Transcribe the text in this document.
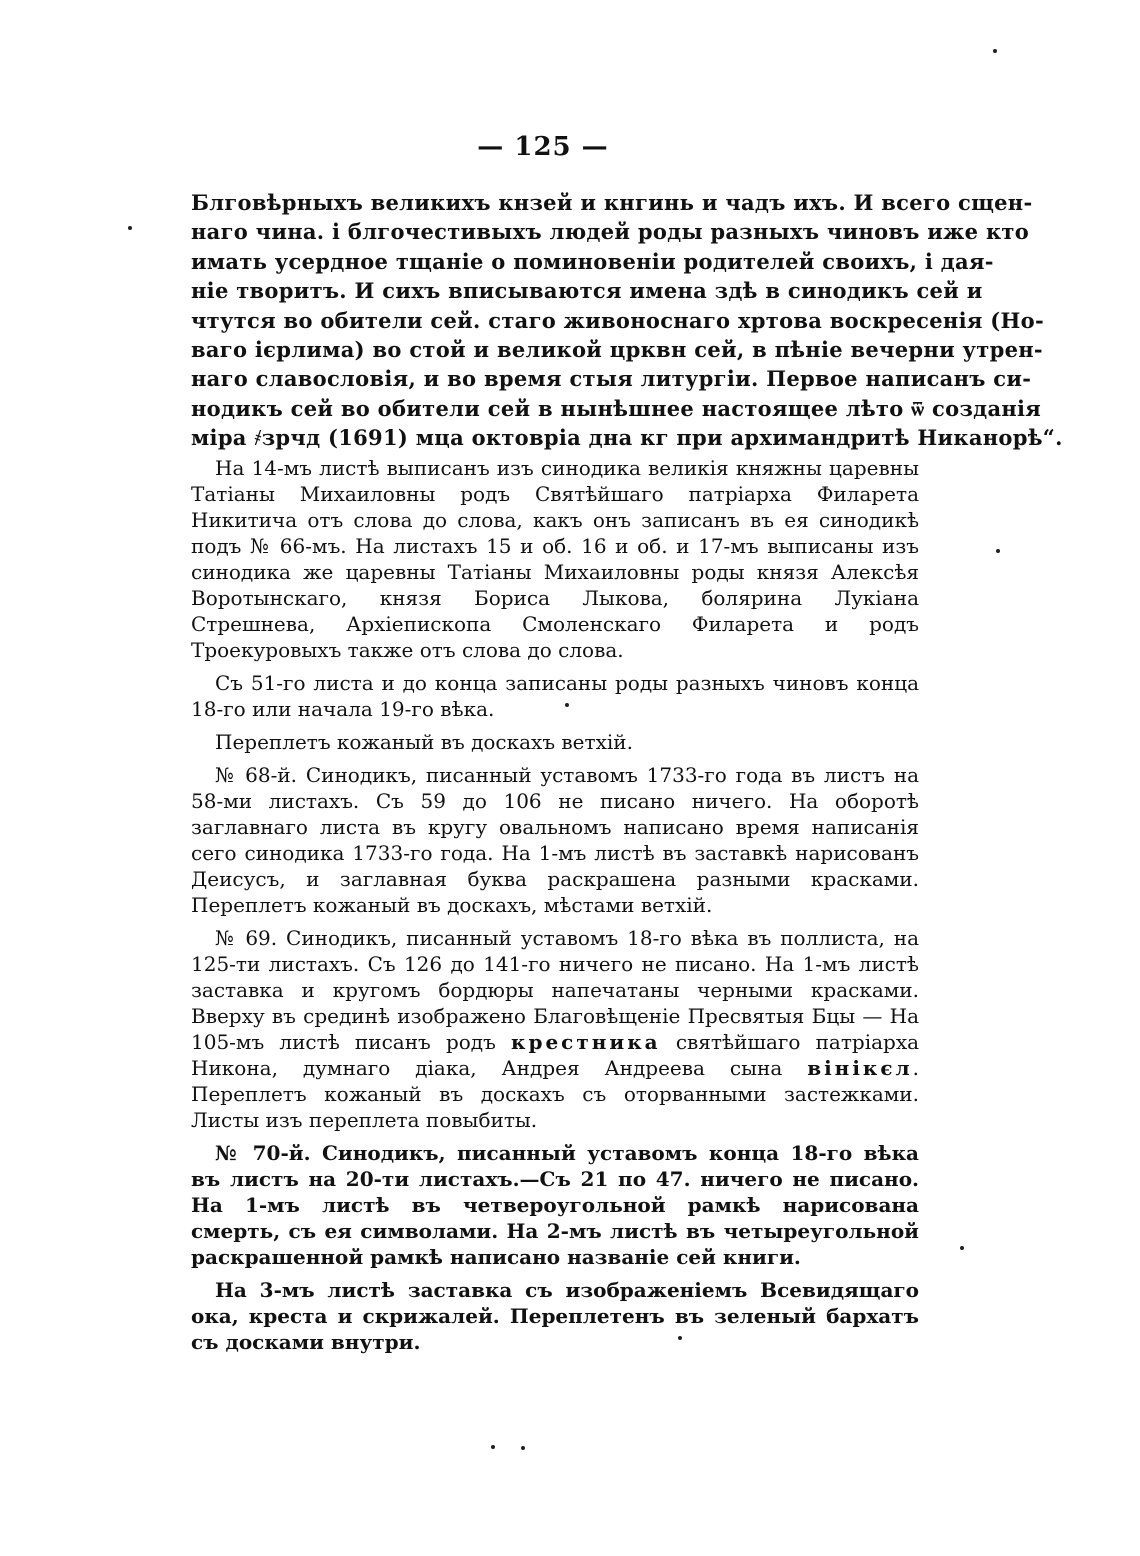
— 125 —
Блговѣрныхъ великихъ кнзей и кнгинь и чадъ ихъ. И всего сщен-
наго чина. і блгочестивыхъ людей роды разныхъ чиновъ иже кто
имать усердное тщаніе о поминовеніи родителей своихъ, і дая-
ніе творитъ. И сихъ вписываются имена здѣ в синодикъ сей и
чтутся во обители сей. стаго живоноснаго хртова воскресенія (Но-
ваго ієрлима) во стой и великой црквн сей, в пѣніе вечерни утрен-
наго славословія, и во время стыя литургіи. Первое написанъ си-
нодикъ сей во обители сей в нынѣшнее настоящее лѣто ѿ созданія
міра ҂зрчд (1691) мца октовріа дна кг при архимандритѣ Никанорѣ“.

На 14-мъ листѣ выписанъ изъ синодика великія княжны царевны Татіаны Михаиловны родъ Святѣйшаго патріарха Филарета Никитича отъ слова до слова, какъ онъ записанъ въ ея синодикѣ подъ № 66-мъ. На листахъ 15 и об. 16 и об. и 17-мъ выписаны изъ синодика же царевны Татіаны Михаиловны роды князя Алексѣя Воротынскаго, князя Бориса Лыкова, болярина Лукіана Стрешнева, Архіепископа Смоленскаго Филарета и родъ Троекуровыхъ также отъ слова до слова.

Съ 51-го листа и до конца записаны роды разныхъ чиновъ конца 18-го или начала 19-го вѣка.

Переплетъ кожаный въ доскахъ ветхій.

№ 68-й. Синодикъ, писанный уставомъ 1733-го года въ листъ на 58-ми листахъ. Съ 59 до 106 не писано ничего. На оборотѣ заглавнаго листа въ кругу овальномъ написано время написанія сего синодика 1733-го года. На 1-мъ листѣ въ заставкѣ нарисованъ Деисусъ, и заглавная буква раскрашена разными красками. Переплетъ кожаный въ доскахъ, мѣстами ветхій.

№ 69. Синодикъ, писанный уставомъ 18-го вѣка въ поллиста, на 125-ти листахъ. Съ 126 до 141-го ничего не писано. На 1-мъ листѣ заставка и кругомъ бордюры напечатаны черными красками. Вверху въ срединѣ изображено Благовѣщеніе Пресвятыя Бцы — На 105-мъ листѣ писанъ родъ крестника святѣйшаго патріарха Никона, думнаго діака, Андрея Андреева сына вінікєл. Переплетъ кожаный въ доскахъ съ оторванными застежками. Листы изъ переплета повыбиты.

№ 70-й. Синодикъ, писанный уставомъ конца 18-го вѣка въ листъ на 20-ти листахъ.—Съ 21 по 47. ничего не писано. На 1-мъ листѣ въ четвероугольной рамкѣ нарисована смерть, съ ея символами. На 2-мъ листѣ въ четыреугольной раскрашенной рамкѣ написано названіе сей книги.

На 3-мъ листѣ заставка съ изображеніемъ Всевидящаго ока, креста и скрижалей. Переплетенъ въ зеленый бархатъ съ досками внутри.
